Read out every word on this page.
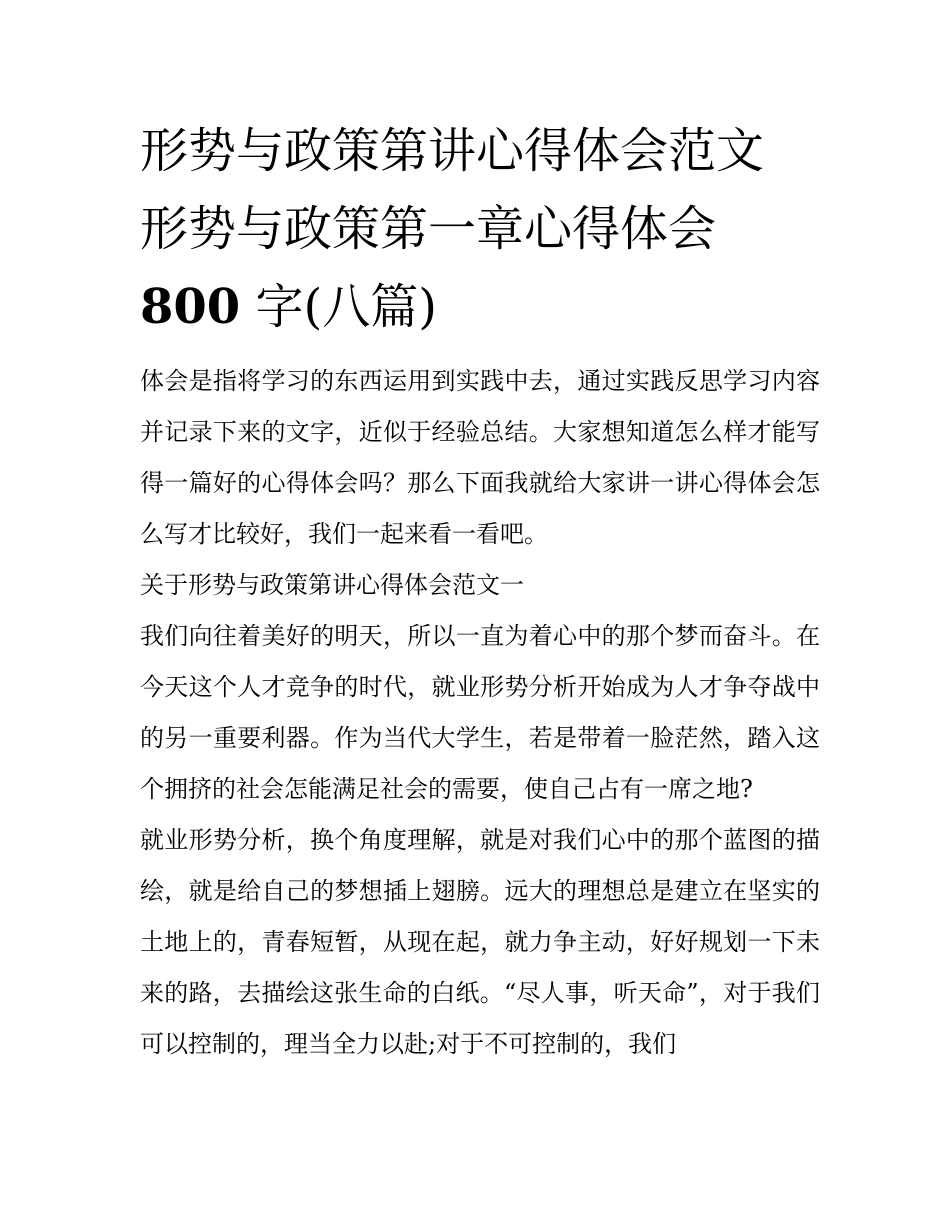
形势与政策第讲心得体会范文
形势与政策第一章心得体会
800 字(八篇)

体会是指将学习的东西运用到实践中去，通过实践反思学习内容并记录下来的文字，近似于经验总结。大家想知道怎么样才能写得一篇好的心得体会吗？那么下面我就给大家讲一讲心得体会怎么写才比较好，我们一起来看一看吧。

关于形势与政策第讲心得体会范文一

我们向往着美好的明天，所以一直为着心中的那个梦而奋斗。在今天这个人才竞争的时代，就业形势分析开始成为人才争夺战中的另一重要利器。作为当代大学生，若是带着一脸茫然，踏入这个拥挤的社会怎能满足社会的需要，使自己占有一席之地?

就业形势分析，换个角度理解，就是对我们心中的那个蓝图的描绘，就是给自己的梦想插上翅膀。远大的理想总是建立在坚实的土地上的，青春短暂，从现在起，就力争主动，好好规划一下未来的路，去描绘这张生命的白纸。“尽人事，听天命”，对于我们可以控制的，理当全力以赴;对于不可控制的，我们
